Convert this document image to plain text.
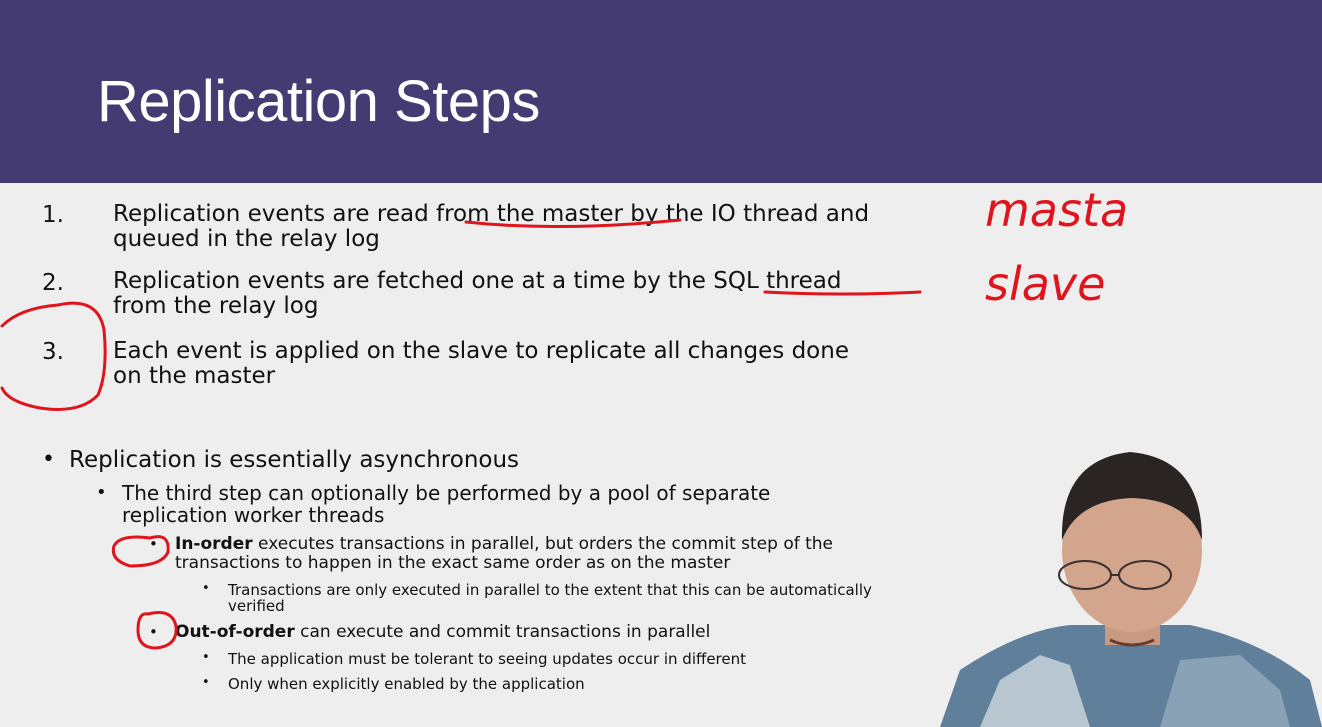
Replication Steps
1. Replication events are read from the master by the IO thread and
queued in the relay log
2. Replication events are fetched one at a time by the SQL thread
from the relay log
3. Each event is applied on the slave to replicate all changes done
on the master
• Replication is essentially asynchronous
• The third step can optionally be performed by a pool of separate
replication worker threads
• In-order executes transactions in parallel, but orders the commit step of the
transactions to happen in the exact same order as on the master
• Transactions are only executed in parallel to the extent that this can be automatically
verified
• Out-of-order can execute and commit transactions in parallel
• The application must be tolerant to seeing updates occur in different
• Only when explicitly enabled by the application
masta
slave
